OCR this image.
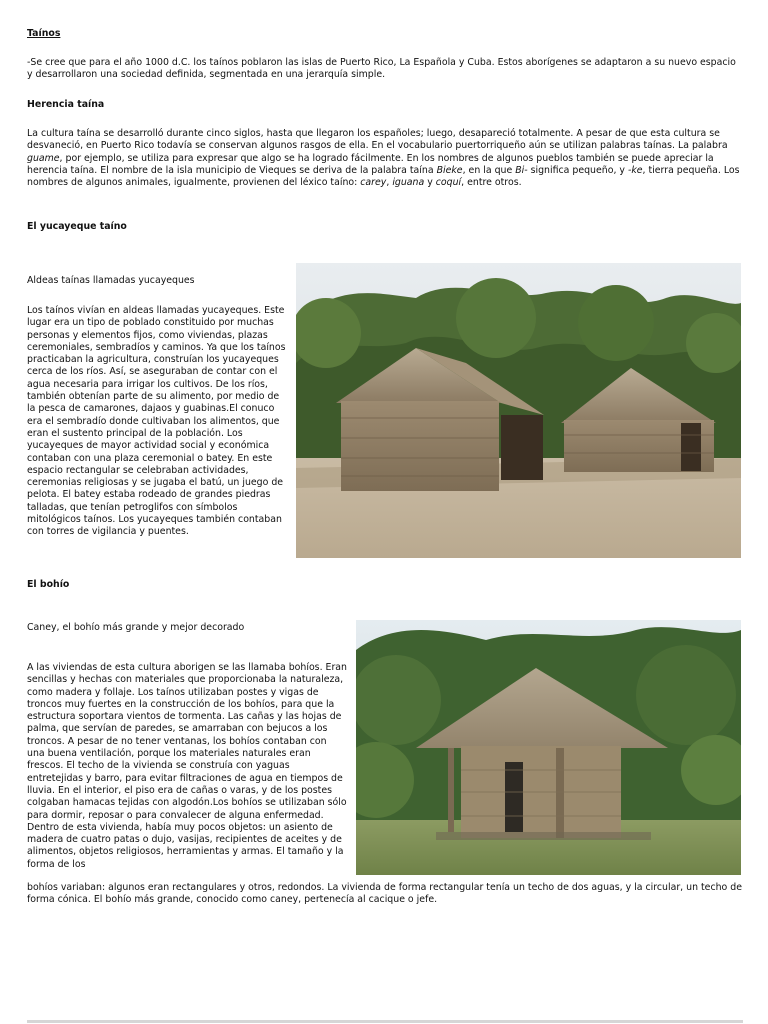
Taínos

-Se cree que para el año 1000 d.C. los taínos poblaron las islas de Puerto Rico, La Española y Cuba. Estos aborígenes se adaptaron a su nuevo espacio y desarrollaron una sociedad definida, segmentada en una jerarquía simple.

Herencia taína

La cultura taína se desarrolló durante cinco siglos, hasta que llegaron los españoles; luego, desapareció totalmente. A pesar de que esta cultura se desvaneció, en Puerto Rico todavía se conservan algunos rasgos de ella. En el vocabulario puertorriqueño aún se utilizan palabras taínas. La palabra guame, por ejemplo, se utiliza para expresar que algo se ha logrado fácilmente. En los nombres de algunos pueblos también se puede apreciar la herencia taína. El nombre de la isla municipio de Vieques se deriva de la palabra taína Bieke, en la que Bi- significa pequeño, y -ke, tierra pequeña. Los nombres de algunos animales, igualmente, provienen del léxico taíno: carey, iguana y coquí, entre otros.

El yucayeque taíno

Aldeas taínas llamadas yucayeques

Los taínos vivían en aldeas llamadas yucayeques. Este lugar era un tipo de poblado constituido por muchas personas y elementos fijos, como viviendas, plazas ceremoniales, sembradíos y caminos. Ya que los taínos practicaban la agricultura, construían los yucayeques cerca de los ríos. Así, se aseguraban de contar con el agua necesaria para irrigar los cultivos. De los ríos, también obtenían parte de su alimento, por medio de la pesca de camarones, dajaos y guabinas.El conuco era el sembradío donde cultivaban los alimentos, que eran el sustento principal de la población. Los yucayeques de mayor actividad social y económica contaban con una plaza ceremonial o batey. En este espacio rectangular se celebraban actividades, ceremonias religiosas y se jugaba el batú, un juego de pelota. El batey estaba rodeado de grandes piedras talladas, que tenían petroglifos con símbolos mitológicos taínos. Los yucayeques también contaban con torres de vigilancia y puentes.

El bohío

Caney, el bohío más grande y mejor decorado

A las viviendas de esta cultura aborigen se las llamaba bohíos. Eran sencillas y hechas con materiales que proporcionaba la naturaleza, como madera y follaje. Los taínos utilizaban postes y vigas de troncos muy fuertes en la construcción de los bohíos, para que la estructura soportara vientos de tormenta. Las cañas y las hojas de palma, que servían de paredes, se amarraban con bejucos a los troncos. A pesar de no tener ventanas, los bohíos contaban con una buena ventilación, porque los materiales naturales eran frescos. El techo de la vivienda se construía con yaguas entretejidas y barro, para evitar filtraciones de agua en tiempos de lluvia. En el interior, el piso era de cañas o varas, y de los postes colgaban hamacas tejidas con algodón.Los bohíos se utilizaban sólo para dormir, reposar o para convalecer de alguna enfermedad. Dentro de esta vivienda, había muy pocos objetos: un asiento de madera de cuatro patas o dujo, vasijas, recipientes de aceites y de alimentos, objetos religiosos, herramientas y armas. El tamaño y la forma de los

bohíos variaban: algunos eran rectangulares y otros, redondos. La vivienda de forma rectangular tenía un techo de dos aguas, y la circular, un techo de forma cónica. El bohío más grande, conocido como caney, pertenecía al cacique o jefe.
